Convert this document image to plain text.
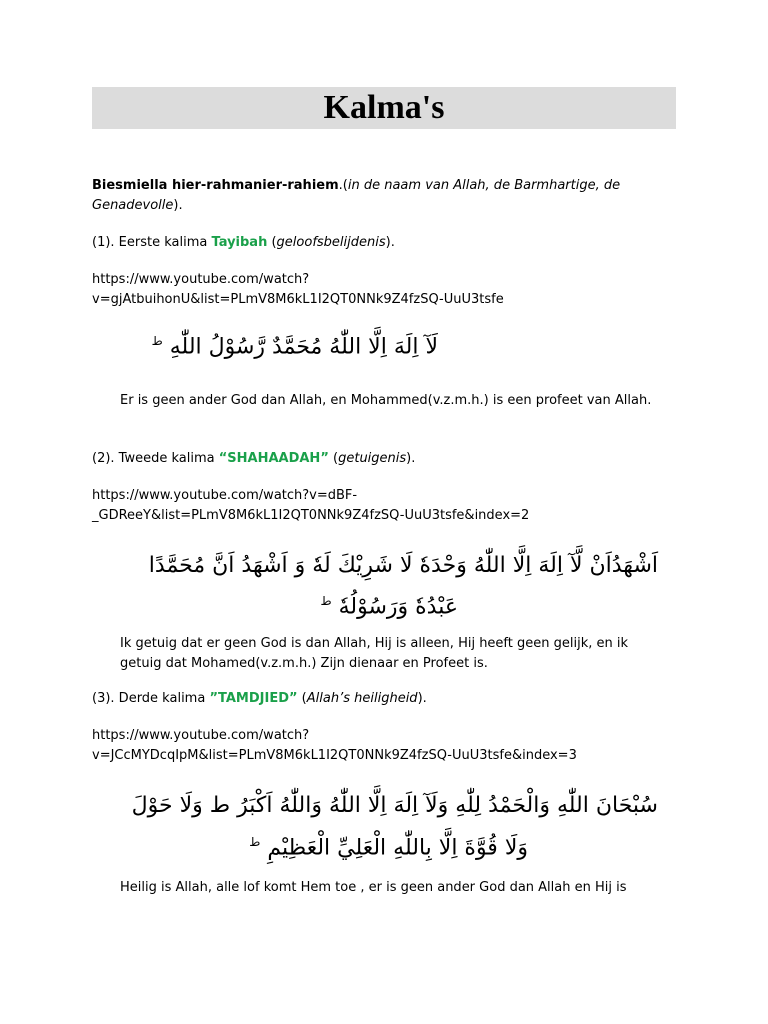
Kalma's

Biesmiella hier-rahmanier-rahiem.(in de naam van Allah, de Barmhartige, de Genadevolle).

(1). Eerste kalima Tayibah (geloofsbelijdenis).

https://www.youtube.com/watch?
v=gjAtbuihonU&list=PLmV8M6kL1I2QT0NNk9Z4fzSQ-UuU3tsfe

لَآ اِلَهَ اِلَّا اللّٰهُ مُحَمَّدٌ رَّسُوْلُ اللّٰهِ $^ط$

Er is geen ander God dan Allah, en Mohammed(v.z.m.h.) is een profeet van Allah.

(2). Tweede kalima “SHAHAADAH” (getuigenis).

https://www.youtube.com/watch?v=dBF-
_GDReeY&list=PLmV8M6kL1I2QT0NNk9Z4fzSQ-UuU3tsfe&index=2

اَشْهَدُاَنْ لَّآ اِلَهَ اِلَّا اللّٰهُ وَحْدَهٗ لَا شَرِيْكَ لَهٗ وَ اَشْهَدُ اَنَّ مُحَمَّدًا
عَبْدُهٗ وَرَسُوْلُهٗ $^ط$

Ik getuig dat er geen God is dan Allah, Hij is alleen, Hij heeft geen gelijk, en ik getuig dat Mohamed(v.z.m.h.) Zijn dienaar en Profeet is.

(3). Derde kalima ”TAMDJIED” (Allah’s heiligheid).

https://www.youtube.com/watch?
v=JCcMYDcqIpM&list=PLmV8M6kL1I2QT0NNk9Z4fzSQ-UuU3tsfe&index=3

سُبْحَانَ اللّٰهِ وَالْحَمْدُ لِلّٰهِ وَلَآ اِلَهَ اِلَّا اللّٰهُ وَاللّٰهُ اَكْبَرُ ط وَلَا حَوْلَ
وَلَا قُوَّةَ اِلَّا بِاللّٰهِ الْعَلِيِّ الْعَظِيْمِ $^ط$

Heilig is Allah, alle lof komt Hem toe , er is geen ander God dan Allah en Hij is
